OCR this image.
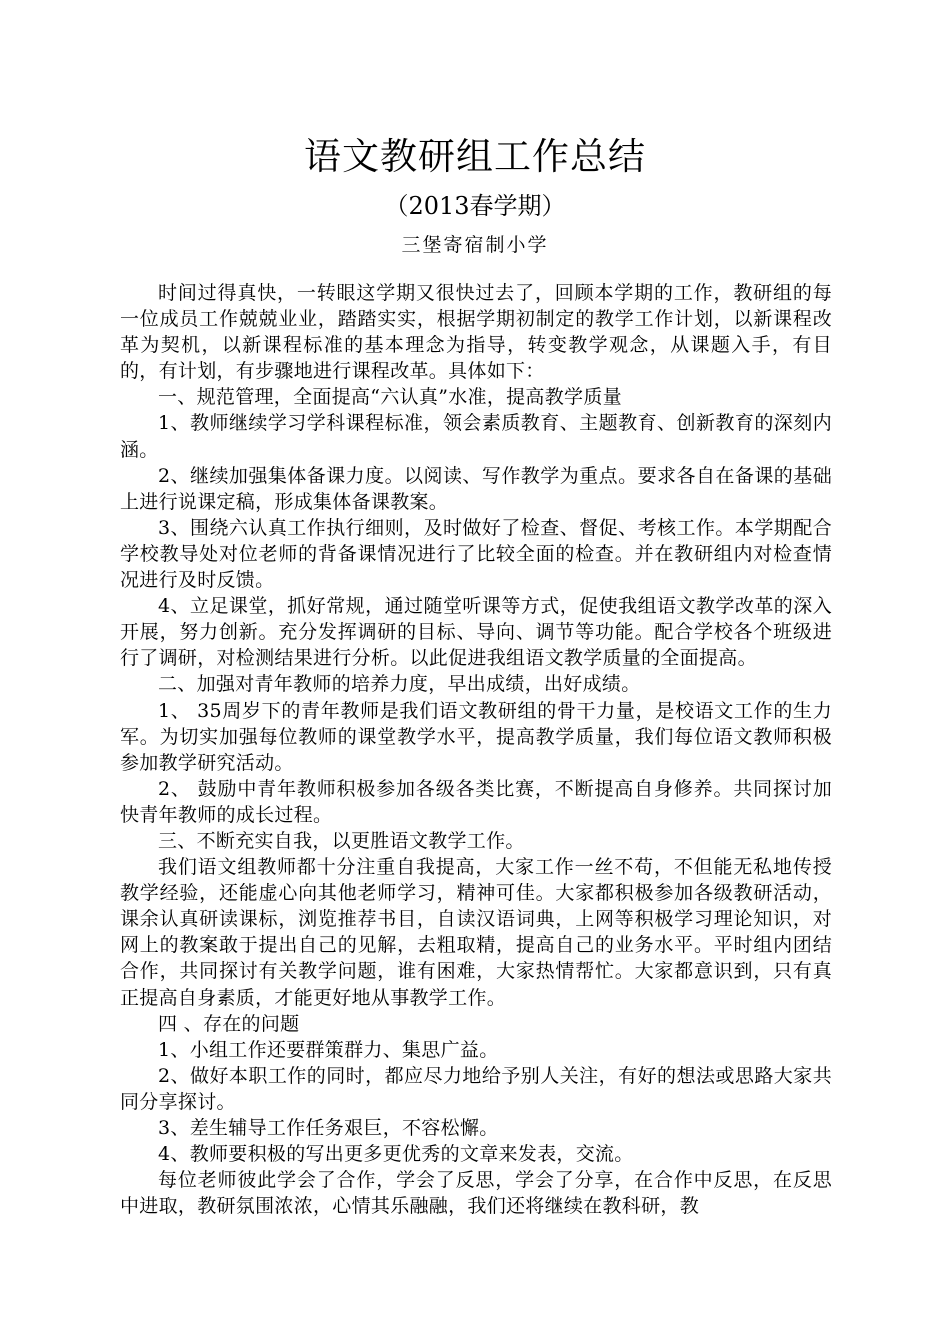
语文教研组工作总结
（2013春学期）
三堡寄宿制小学

时间过得真快，一转眼这学期又很快过去了，回顾本学期的工作，教研组的每一位成员工作兢兢业业，踏踏实实，根据学期初制定的教学工作计划，以新课程改革为契机，以新课程标准的基本理念为指导，转变教学观念，从课题入手，有目的，有计划，有步骤地进行课程改革。具体如下：

一、规范管理，全面提高“六认真”水准，提高教学质量

1、教师继续学习学科课程标准，领会素质教育、主题教育、创新教育的深刻内涵。

2、继续加强集体备课力度。以阅读、写作教学为重点。要求各自在备课的基础上进行说课定稿，形成集体备课教案。

3、围绕六认真工作执行细则，及时做好了检查、督促、考核工作。本学期配合学校教导处对位老师的背备课情况进行了比较全面的检查。并在教研组内对检查情况进行及时反馈。

4、立足课堂，抓好常规，通过随堂听课等方式，促使我组语文教学改革的深入开展，努力创新。充分发挥调研的目标、导向、调节等功能。配合学校各个班级进行了调研，对检测结果进行分析。以此促进我组语文教学质量的全面提高。

二、加强对青年教师的培养力度，早出成绩，出好成绩。

1、 35周岁下的青年教师是我们语文教研组的骨干力量，是校语文工作的生力军。为切实加强每位教师的课堂教学水平，提高教学质量，我们每位语文教师积极参加教学研究活动。

2、 鼓励中青年教师积极参加各级各类比赛，不断提高自身修养。共同探讨加快青年教师的成长过程。

三、不断充实自我，以更胜语文教学工作。

我们语文组教师都十分注重自我提高，大家工作一丝不苟，不但能无私地传授教学经验，还能虚心向其他老师学习，精神可佳。大家都积极参加各级教研活动，课余认真研读课标，浏览推荐书目，自读汉语词典，上网等积极学习理论知识，对网上的教案敢于提出自己的见解，去粗取精，提高自己的业务水平。平时组内团结合作，共同探讨有关教学问题，谁有困难，大家热情帮忙。大家都意识到，只有真正提高自身素质，才能更好地从事教学工作。

四 、存在的问题

1、小组工作还要群策群力、集思广益。

2、做好本职工作的同时，都应尽力地给予别人关注，有好的想法或思路大家共同分享探讨。

3、差生辅导工作任务艰巨，不容松懈。

4、教师要积极的写出更多更优秀的文章来发表，交流。

每位老师彼此学会了合作，学会了反思，学会了分享，在合作中反思，在反思中进取，教研氛围浓浓，心情其乐融融，我们还将继续在教科研，教
